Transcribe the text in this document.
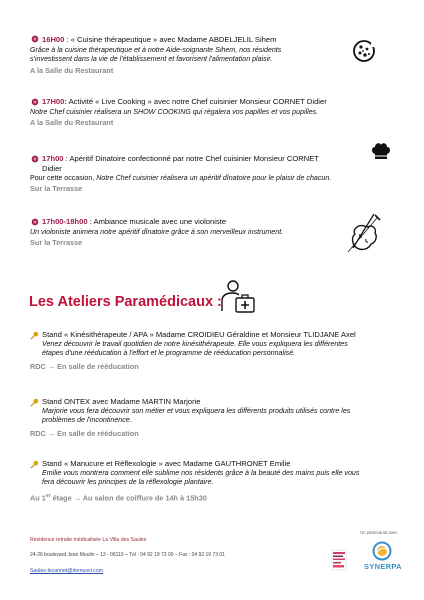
16H00 : « Cuisine thérapeutique » avec Madame ABDELJELIL Sihem
Grâce à la cuisine thérapeutique et à notre Aide-soignante Sihem, nos résidents
s'investissent dans la vie de l'établissement et favorisent l'alimentation plaisir.
A la Salle du Restaurant
17H00: Activité « Live Cooking » avec notre Chef cuisinier Monsieur CORNET Didier
Notre Chef cuisinier réalisera un SHOW COOKING qui régalera vos papilles et vos pupilles.
A la Salle du Restaurant
17h00 : Apéritif Dinatoire confectionné par notre Chef cuisinier Monsieur CORNET
Didier
Pour cette occasion, Notre Chef cuisinier réalisera un apéritif dînatoire pour le plaisir de chacun.
Sur la Terrasse
17h00-18h00 : Ambiance musicale avec une violoniste
Un violoniste animera notre apéritif dînatoire grâce à son merveilleux instrument.
Sur la Terrasse
Les Ateliers Paramédicaux :
Stand « Kinésithérapeute / APA » Madame CROIDIEU Géraldine et Monsieur TLIDJANE Axel
Venez découvrir le travail quotidien de notre kinésithérapeute. Elle vous expliquera les différentes
étapes d'une rééducation à l'effort et le programme de rééducation personnalisé.
RDC → En salle de rééducation
Stand ONTEX avec Madame MARTIN Marjorie
Marjorie vous fera découvrir son métier et vous expliquera les différents produits utilisés contre les
problèmes de l'incontinence.
RDC → En salle de rééducation
Stand « Manucure et Réflexologie » avec Madame GAUTHRONET Emilie
Emilie vous montrera comment elle sublime nos résidents grâce à la beauté des mains puis elle vous
fera découvrir les principes de la réflexologie plantaire.
Au 1er étage → Au salon de coiffure de 14h à 15h30
Résidence retraite médicalisée La Villa des Saules
24-26 boulevard Jean Moulin – 13 - 06110 – Tél : 04 92 19 73 00 – Fax : 04 92 19 73 01
Saules-lecannet@domusvi.com
Un partenariat avec
SYNERPA
